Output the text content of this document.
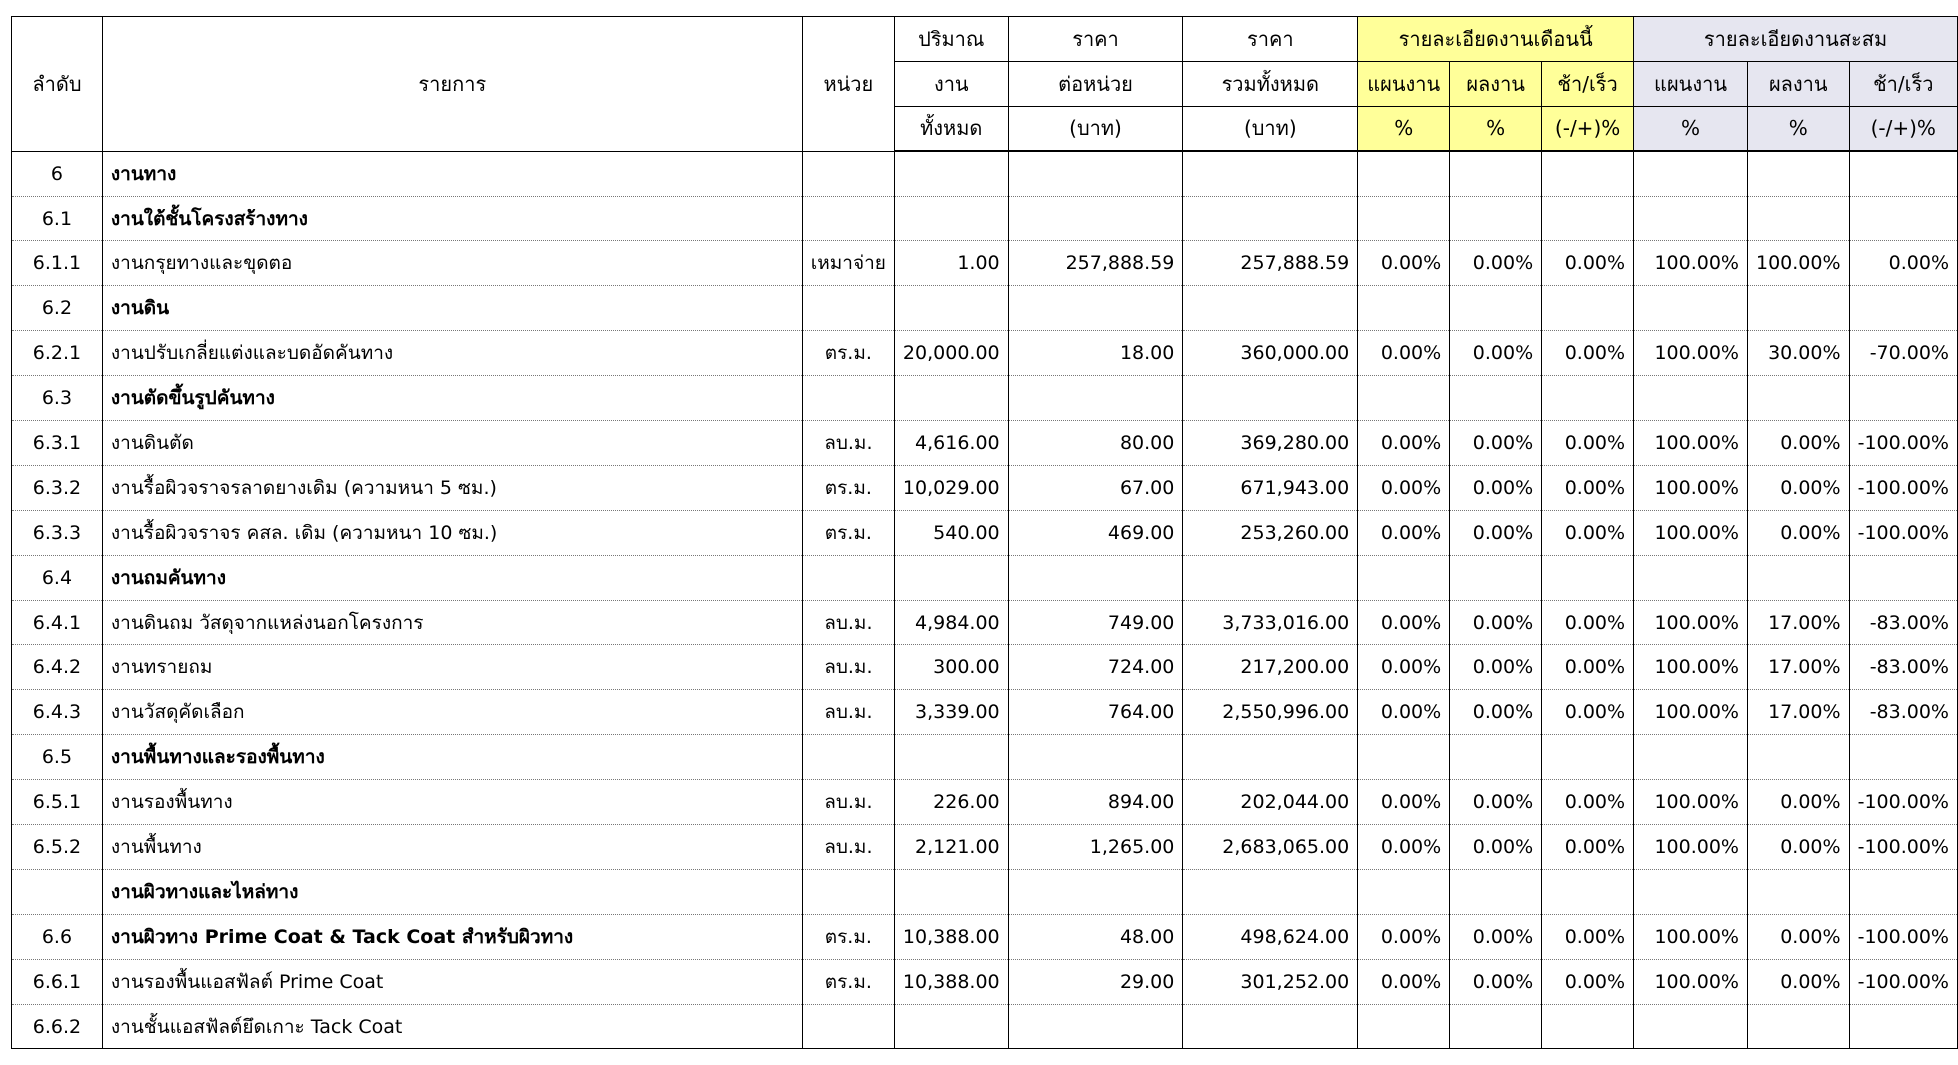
ลำดับ	รายการ	หน่วย	ปริมาณ	ราคา	ราคา	รายละเอียดงานเดือนนี้			รายละเอียดงานสะสม		
			งาน	ต่อหน่วย	รวมทั้งหมด	แผนงาน	ผลงาน	ช้า/เร็ว	แผนงาน	ผลงาน	ช้า/เร็ว
			ทั้งหมด	(บาท)	(บาท)	%	%	(-/+)%	%	%	(-/+)%
6	งานทาง										
6.1	งานใต้ชั้นโครงสร้างทาง										
6.1.1	งานกรุยทางและขุดตอ	เหมาจ่าย	1.00	257,888.59	257,888.59	0.00%	0.00%	0.00%	100.00%	100.00%	0.00%
6.2	งานดิน										
6.2.1	งานปรับเกลี่ยแต่งและบดอัดคันทาง	ตร.ม.	20,000.00	18.00	360,000.00	0.00%	0.00%	0.00%	100.00%	30.00%	-70.00%
6.3	งานตัดขึ้นรูปคันทาง										
6.3.1	งานดินตัด	ลบ.ม.	4,616.00	80.00	369,280.00	0.00%	0.00%	0.00%	100.00%	0.00%	-100.00%
6.3.2	งานรื้อผิวจราจรลาดยางเดิม (ความหนา 5 ซม.)	ตร.ม.	10,029.00	67.00	671,943.00	0.00%	0.00%	0.00%	100.00%	0.00%	-100.00%
6.3.3	งานรื้อผิวจราจร คสล. เดิม (ความหนา 10 ซม.)	ตร.ม.	540.00	469.00	253,260.00	0.00%	0.00%	0.00%	100.00%	0.00%	-100.00%
6.4	งานถมคันทาง										
6.4.1	งานดินถม วัสดุจากแหล่งนอกโครงการ	ลบ.ม.	4,984.00	749.00	3,733,016.00	0.00%	0.00%	0.00%	100.00%	17.00%	-83.00%
6.4.2	งานทรายถม	ลบ.ม.	300.00	724.00	217,200.00	0.00%	0.00%	0.00%	100.00%	17.00%	-83.00%
6.4.3	งานวัสดุคัดเลือก	ลบ.ม.	3,339.00	764.00	2,550,996.00	0.00%	0.00%	0.00%	100.00%	17.00%	-83.00%
6.5	งานพื้นทางและรองพื้นทาง										
6.5.1	งานรองพื้นทาง	ลบ.ม.	226.00	894.00	202,044.00	0.00%	0.00%	0.00%	100.00%	0.00%	-100.00%
6.5.2	งานพื้นทาง	ลบ.ม.	2,121.00	1,265.00	2,683,065.00	0.00%	0.00%	0.00%	100.00%	0.00%	-100.00%
	งานผิวทางและไหล่ทาง										
6.6	งานผิวทาง Prime Coat & Tack Coat สำหรับผิวทาง	ตร.ม.	10,388.00	48.00	498,624.00	0.00%	0.00%	0.00%	100.00%	0.00%	-100.00%
6.6.1	งานรองพื้นแอสฟัลต์ Prime Coat	ตร.ม.	10,388.00	29.00	301,252.00	0.00%	0.00%	0.00%	100.00%	0.00%	-100.00%
6.6.2	งานชั้นแอสฟัลต์ยึดเกาะ Tack Coat										
